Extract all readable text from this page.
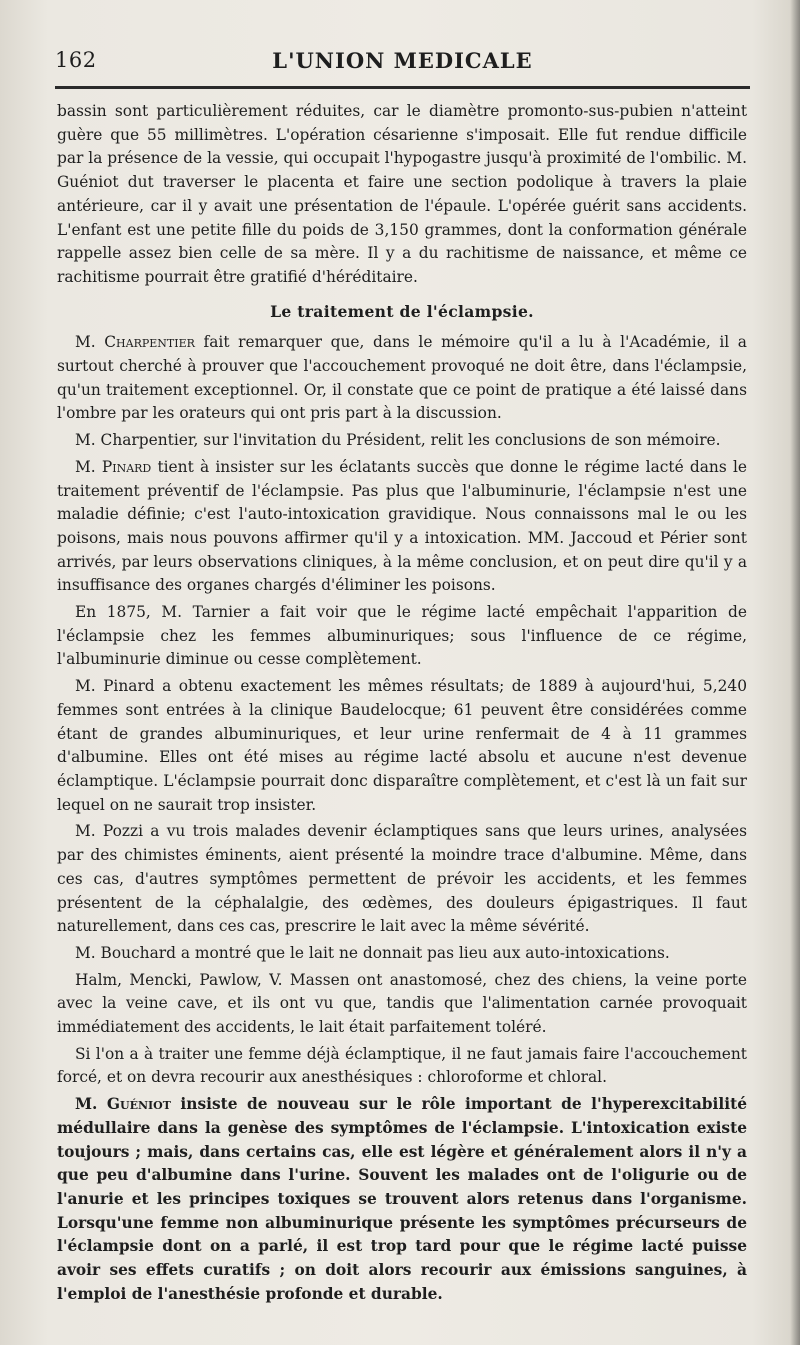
162	L'UNION MEDICALE

bassin sont particulièrement réduites, car le diamètre promonto-sus-pubien n'atteint guère que 55 millimètres. L'opération césarienne s'imposait. Elle fut rendue difficile par la présence de la vessie, qui occupait l'hypogastre jusqu'à proximité de l'ombilic. M. Guéniot dut traverser le placenta et faire une section podolique à travers la plaie antérieure, car il y avait une présentation de l'épaule. L'opérée guérit sans accidents. L'enfant est une petite fille du poids de 3,150 grammes, dont la conformation générale rappelle assez bien celle de sa mère. Il y a du rachitisme de naissance, et même ce rachitisme pourrait être gratifié d'héréditaire.

Le traitement de l'éclampsie.

M. Charpentier fait remarquer que, dans le mémoire qu'il a lu à l'Académie, il a surtout cherché à prouver que l'accouchement provoqué ne doit être, dans l'éclampsie, qu'un traitement exceptionnel. Or, il constate que ce point de pratique a été laissé dans l'ombre par les orateurs qui ont pris part à la discussion.

M. Charpentier, sur l'invitation du Président, relit les conclusions de son mémoire.

M. Pinard tient à insister sur les éclatants succès que donne le régime lacté dans le traitement préventif de l'éclampsie. Pas plus que l'albuminurie, l'éclampsie n'est une maladie définie; c'est l'auto-intoxication gravidique. Nous connaissons mal le ou les poisons, mais nous pouvons affirmer qu'il y a intoxication. MM. Jaccoud et Périer sont arrivés, par leurs observations cliniques, à la même conclusion, et on peut dire qu'il y a insuffisance des organes chargés d'éliminer les poisons.

En 1875, M. Tarnier a fait voir que le régime lacté empêchait l'apparition de l'éclampsie chez les femmes albuminuriques; sous l'influence de ce régime, l'albuminurie diminue ou cesse complètement.

M. Pinard a obtenu exactement les mêmes résultats; de 1889 à aujourd'hui, 5,240 femmes sont entrées à la clinique Baudelocque; 61 peuvent être considérées comme étant de grandes albuminuriques, et leur urine renfermait de 4 à 11 grammes d'albumine. Elles ont été mises au régime lacté absolu et aucune n'est devenue éclamptique. L'éclampsie pourrait donc disparaître complètement, et c'est là un fait sur lequel on ne saurait trop insister.

M. Pozzi a vu trois malades devenir éclamptiques sans que leurs urines, analysées par des chimistes éminents, aient présenté la moindre trace d'albumine. Même, dans ces cas, d'autres symptômes permettent de prévoir les accidents, et les femmes présentent de la céphalalgie, des œdèmes, des douleurs épigastriques. Il faut naturellement, dans ces cas, prescrire le lait avec la même sévérité.

M. Bouchard a montré que le lait ne donnait pas lieu aux auto-intoxications.

Halm, Mencki, Pawlow, V. Massen ont anastomosé, chez des chiens, la veine porte avec la veine cave, et ils ont vu que, tandis que l'alimentation carnée provoquait immédiatement des accidents, le lait était parfaitement toléré.

Si l'on a à traiter une femme déjà éclamptique, il ne faut jamais faire l'accouchement forcé, et on devra recourir aux anesthésiques : chloroforme et chloral.

M. Guéniot insiste de nouveau sur le rôle important de l'hyperexcitabilité médullaire dans la genèse des symptômes de l'éclampsie. L'intoxication existe toujours ; mais, dans certains cas, elle est légère et généralement alors il n'y a que peu d'albumine dans l'urine. Souvent les malades ont de l'oligurie ou de l'anurie et les principes toxiques se trouvent alors retenus dans l'organisme. Lorsqu'une femme non albuminurique présente les symptômes précurseurs de l'éclampsie dont on a parlé, il est trop tard pour que le régime lacté puisse avoir ses effets curatifs ; on doit alors recourir aux émissions sanguines, à l'emploi de l'anesthésie profonde et durable.
